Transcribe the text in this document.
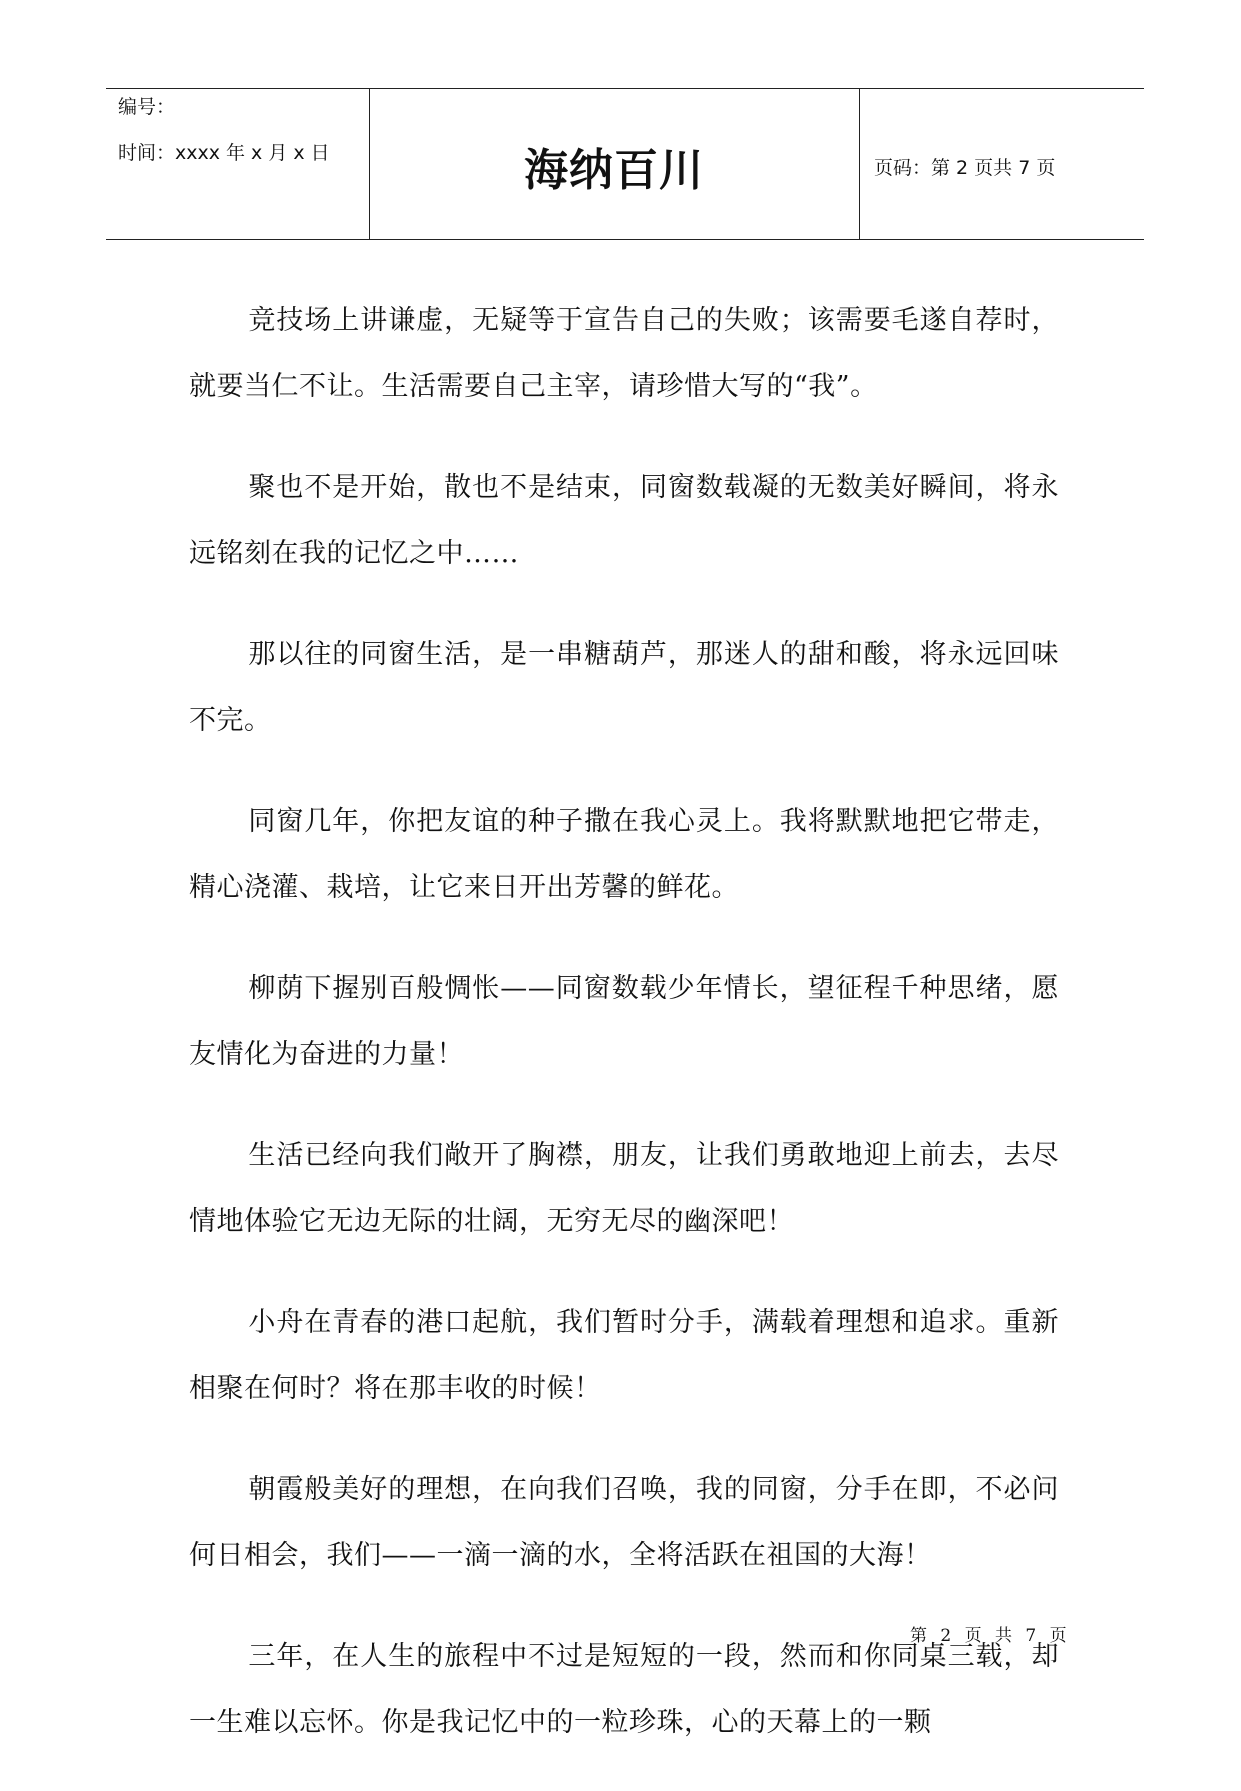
编号：
时间：xxxx 年 x 月 x 日	海纳百川	页码：第 2 页共 7 页

竞技场上讲谦虚，无疑等于宣告自己的失败；该需要毛遂自荐时，就要当仁不让。生活需要自己主宰，请珍惜大写的“我”。

聚也不是开始，散也不是结束，同窗数载凝的无数美好瞬间，将永远铭刻在我的记忆之中……

那以往的同窗生活，是一串糖葫芦，那迷人的甜和酸，将永远回味不完。

同窗几年，你把友谊的种子撒在我心灵上。我将默默地把它带走，精心浇灌、栽培，让它来日开出芳馨的鲜花。

柳荫下握别百般惆怅——同窗数载少年情长，望征程千种思绪，愿友情化为奋进的力量！

生活已经向我们敞开了胸襟，朋友，让我们勇敢地迎上前去，去尽情地体验它无边无际的壮阔，无穷无尽的幽深吧！

小舟在青春的港口起航，我们暂时分手，满载着理想和追求。重新相聚在何时？将在那丰收的时候！

朝霞般美好的理想，在向我们召唤，我的同窗，分手在即，不必问何日相会，我们——一滴一滴的水，全将活跃在祖国的大海！

三年，在人生的旅程中不过是短短的一段，然而和你同桌三载，却一生难以忘怀。你是我记忆中的一粒珍珠，心的天幕上的一颗

第 2 页 共 7 页
